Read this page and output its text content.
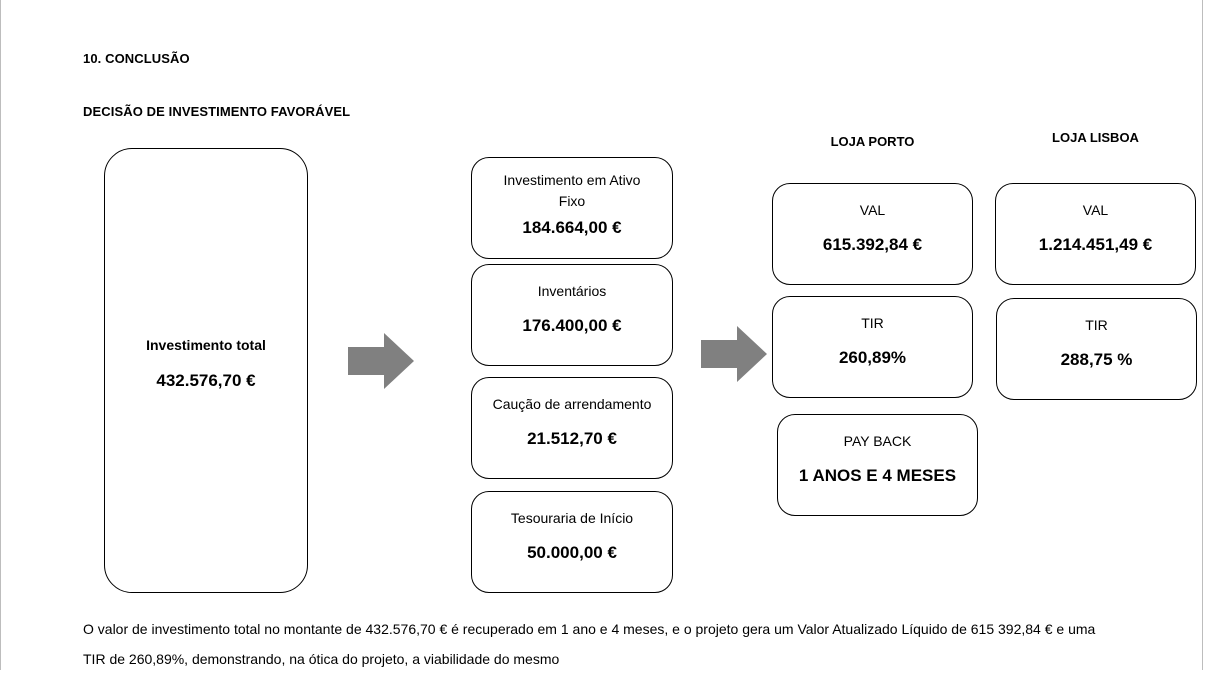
10. CONCLUSÃO
DECISÃO DE INVESTIMENTO FAVORÁVEL
Investimento total
432.576,70 €
Investimento em Ativo Fixo
184.664,00 €
Inventários
176.400,00 €
Caução de arrendamento
21.512,70 €
Tesouraria de Início
50.000,00 €
LOJA PORTO	LOJA LISBOA
VAL
615.392,84 €
TIR
260,89%
PAY BACK
1 ANOS E 4 MESES
VAL
1.214.451,49 €
TIR
288,75 %
O valor de investimento total no montante de 432.576,70 € é recuperado em 1 ano e 4 meses, e o projeto gera um Valor Atualizado Líquido de 615 392,84 € e uma
TIR de 260,89%, demonstrando, na ótica do projeto, a viabilidade do mesmo
